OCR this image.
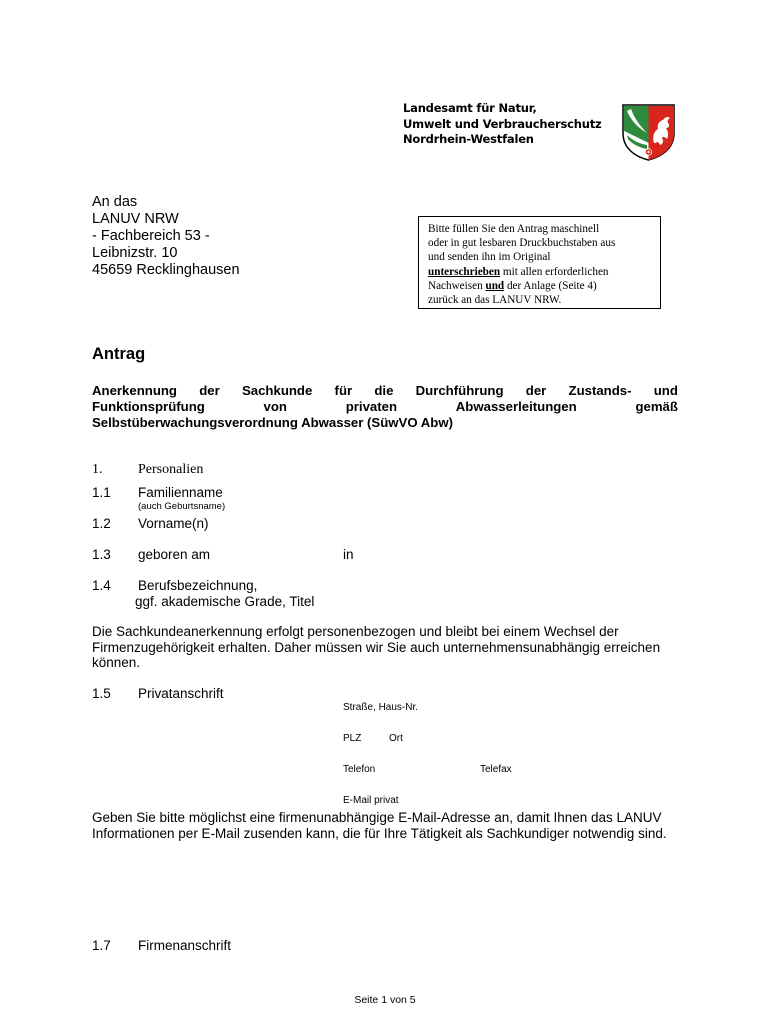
Landesamt für Natur,
Umwelt und Verbraucherschutz
Nordrhein-Westfalen
An das
LANUV NRW
- Fachbereich 53 -
Leibnizstr. 10
45659 Recklinghausen
Bitte füllen Sie den Antrag maschinell
oder in gut lesbaren Druckbuchstaben aus
und senden ihn im Original
unterschrieben mit allen erforderlichen
Nachweisen und der Anlage (Seite 4)
zurück an das LANUV NRW.
Antrag
Anerkennung der Sachkunde für die Durchführung der Zustands- und
Funktionsprüfung	von	privaten	Abwasserleitungen	gemäß
Selbstüberwachungsverordnung Abwasser (SüwVO Abw)
1.	Personalien
1.1 Familienname
(auch Geburtsname)
1.2 Vorname(n)
1.3 geboren am	in
1.4 Berufsbezeichnung,
ggf. akademische Grade, Titel
Die Sachkundeanerkennung erfolgt personenbezogen und bleibt bei einem Wechsel der Firmenzugehörigkeit erhalten. Daher müssen wir Sie auch unternehmensunabhängig erreichen können.
1.5 Privatanschrift
Straße, Haus-Nr.
PLZ	Ort
Telefon	Telefax
E-Mail privat
Geben Sie bitte möglichst eine firmenunabhängige E-Mail-Adresse an, damit Ihnen das LANUV Informationen per E-Mail zusenden kann, die für Ihre Tätigkeit als Sachkundiger notwendig sind.
1.7 Firmenanschrift
Seite 1 von 5
